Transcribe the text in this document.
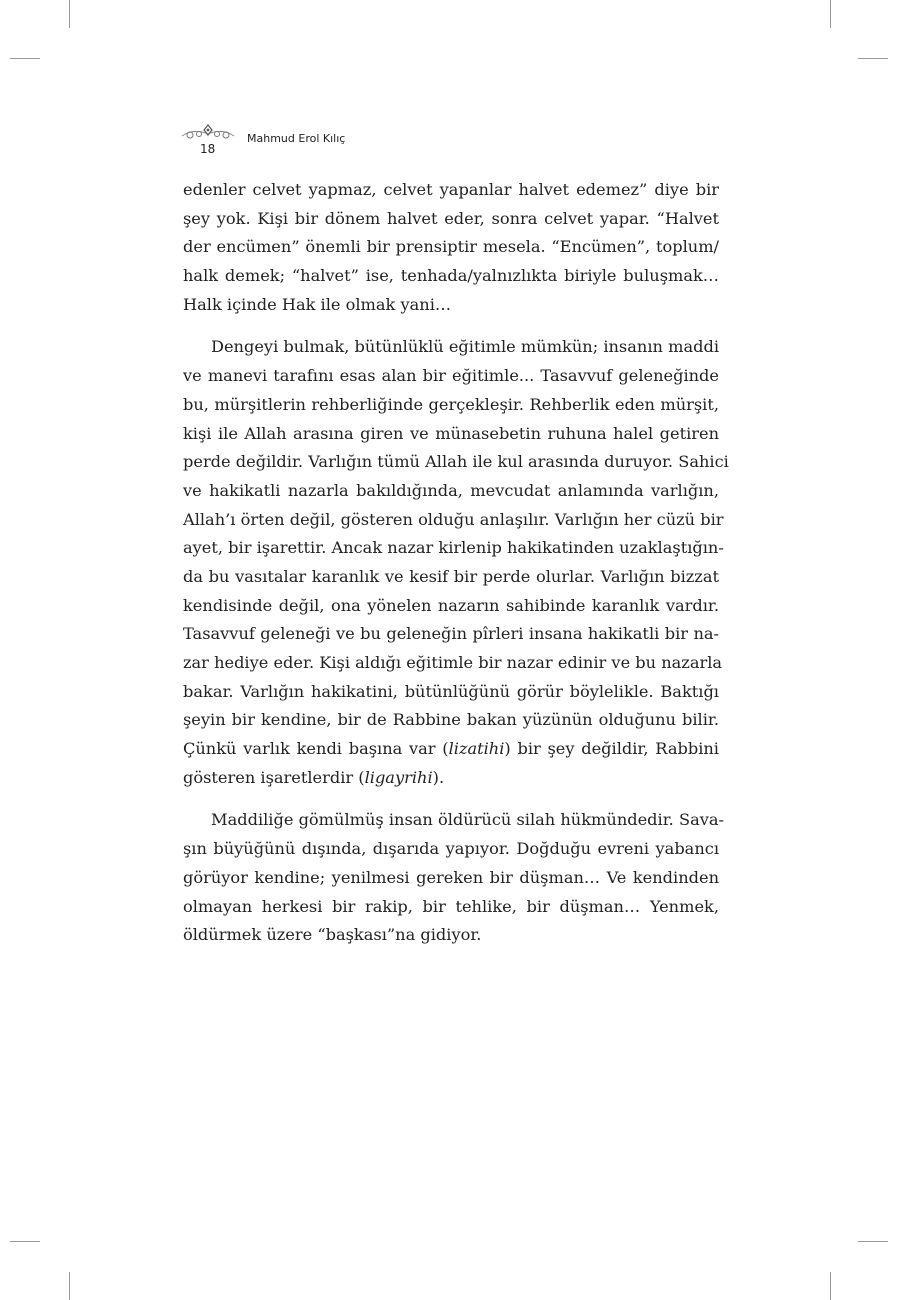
18
Mahmud Erol Kılıç
edenler celvet yapmaz, celvet yapanlar halvet edemez” diye bir
şey yok. Kişi bir dönem halvet eder, sonra celvet yapar. “Halvet
der encümen” önemli bir prensiptir mesela. “Encümen”, toplum/
halk demek; “halvet” ise, tenhada/yalnızlıkta biriyle buluşmak…
Halk içinde Hak ile olmak yani…
Dengeyi bulmak, bütünlüklü eğitimle mümkün; insanın maddi
ve manevi tarafını esas alan bir eğitimle... Tasavvuf geleneğinde
bu, mürşitlerin rehberliğinde gerçekleşir. Rehberlik eden mürşit,
kişi ile Allah arasına giren ve münasebetin ruhuna halel getiren
perde değildir. Varlığın tümü Allah ile kul arasında duruyor. Sahici
ve hakikatli nazarla bakıldığında, mevcudat anlamında varlığın,
Allah’ı örten değil, gösteren olduğu anlaşılır. Varlığın her cüzü bir
ayet, bir işarettir. Ancak nazar kirlenip hakikatinden uzaklaştığın-
da bu vasıtalar karanlık ve kesif bir perde olurlar. Varlığın bizzat
kendisinde değil, ona yönelen nazarın sahibinde karanlık vardır.
Tasavvuf geleneği ve bu geleneğin pîrleri insana hakikatli bir na-
zar hediye eder. Kişi aldığı eğitimle bir nazar edinir ve bu nazarla
bakar. Varlığın hakikatini, bütünlüğünü görür böylelikle. Baktığı
şeyin bir kendine, bir de Rabbine bakan yüzünün olduğunu bilir.
Çünkü varlık kendi başına var (lizatihi) bir şey değildir, Rabbini
gösteren işaretlerdir (ligayrihi).
Maddiliğe gömülmüş insan öldürücü silah hükmündedir. Sava-
şın büyüğünü dışında, dışarıda yapıyor. Doğduğu evreni yabancı
görüyor kendine; yenilmesi gereken bir düşman… Ve kendinden
olmayan herkesi bir rakip, bir tehlike, bir düşman… Yenmek,
öldürmek üzere “başkası”na gidiyor.
